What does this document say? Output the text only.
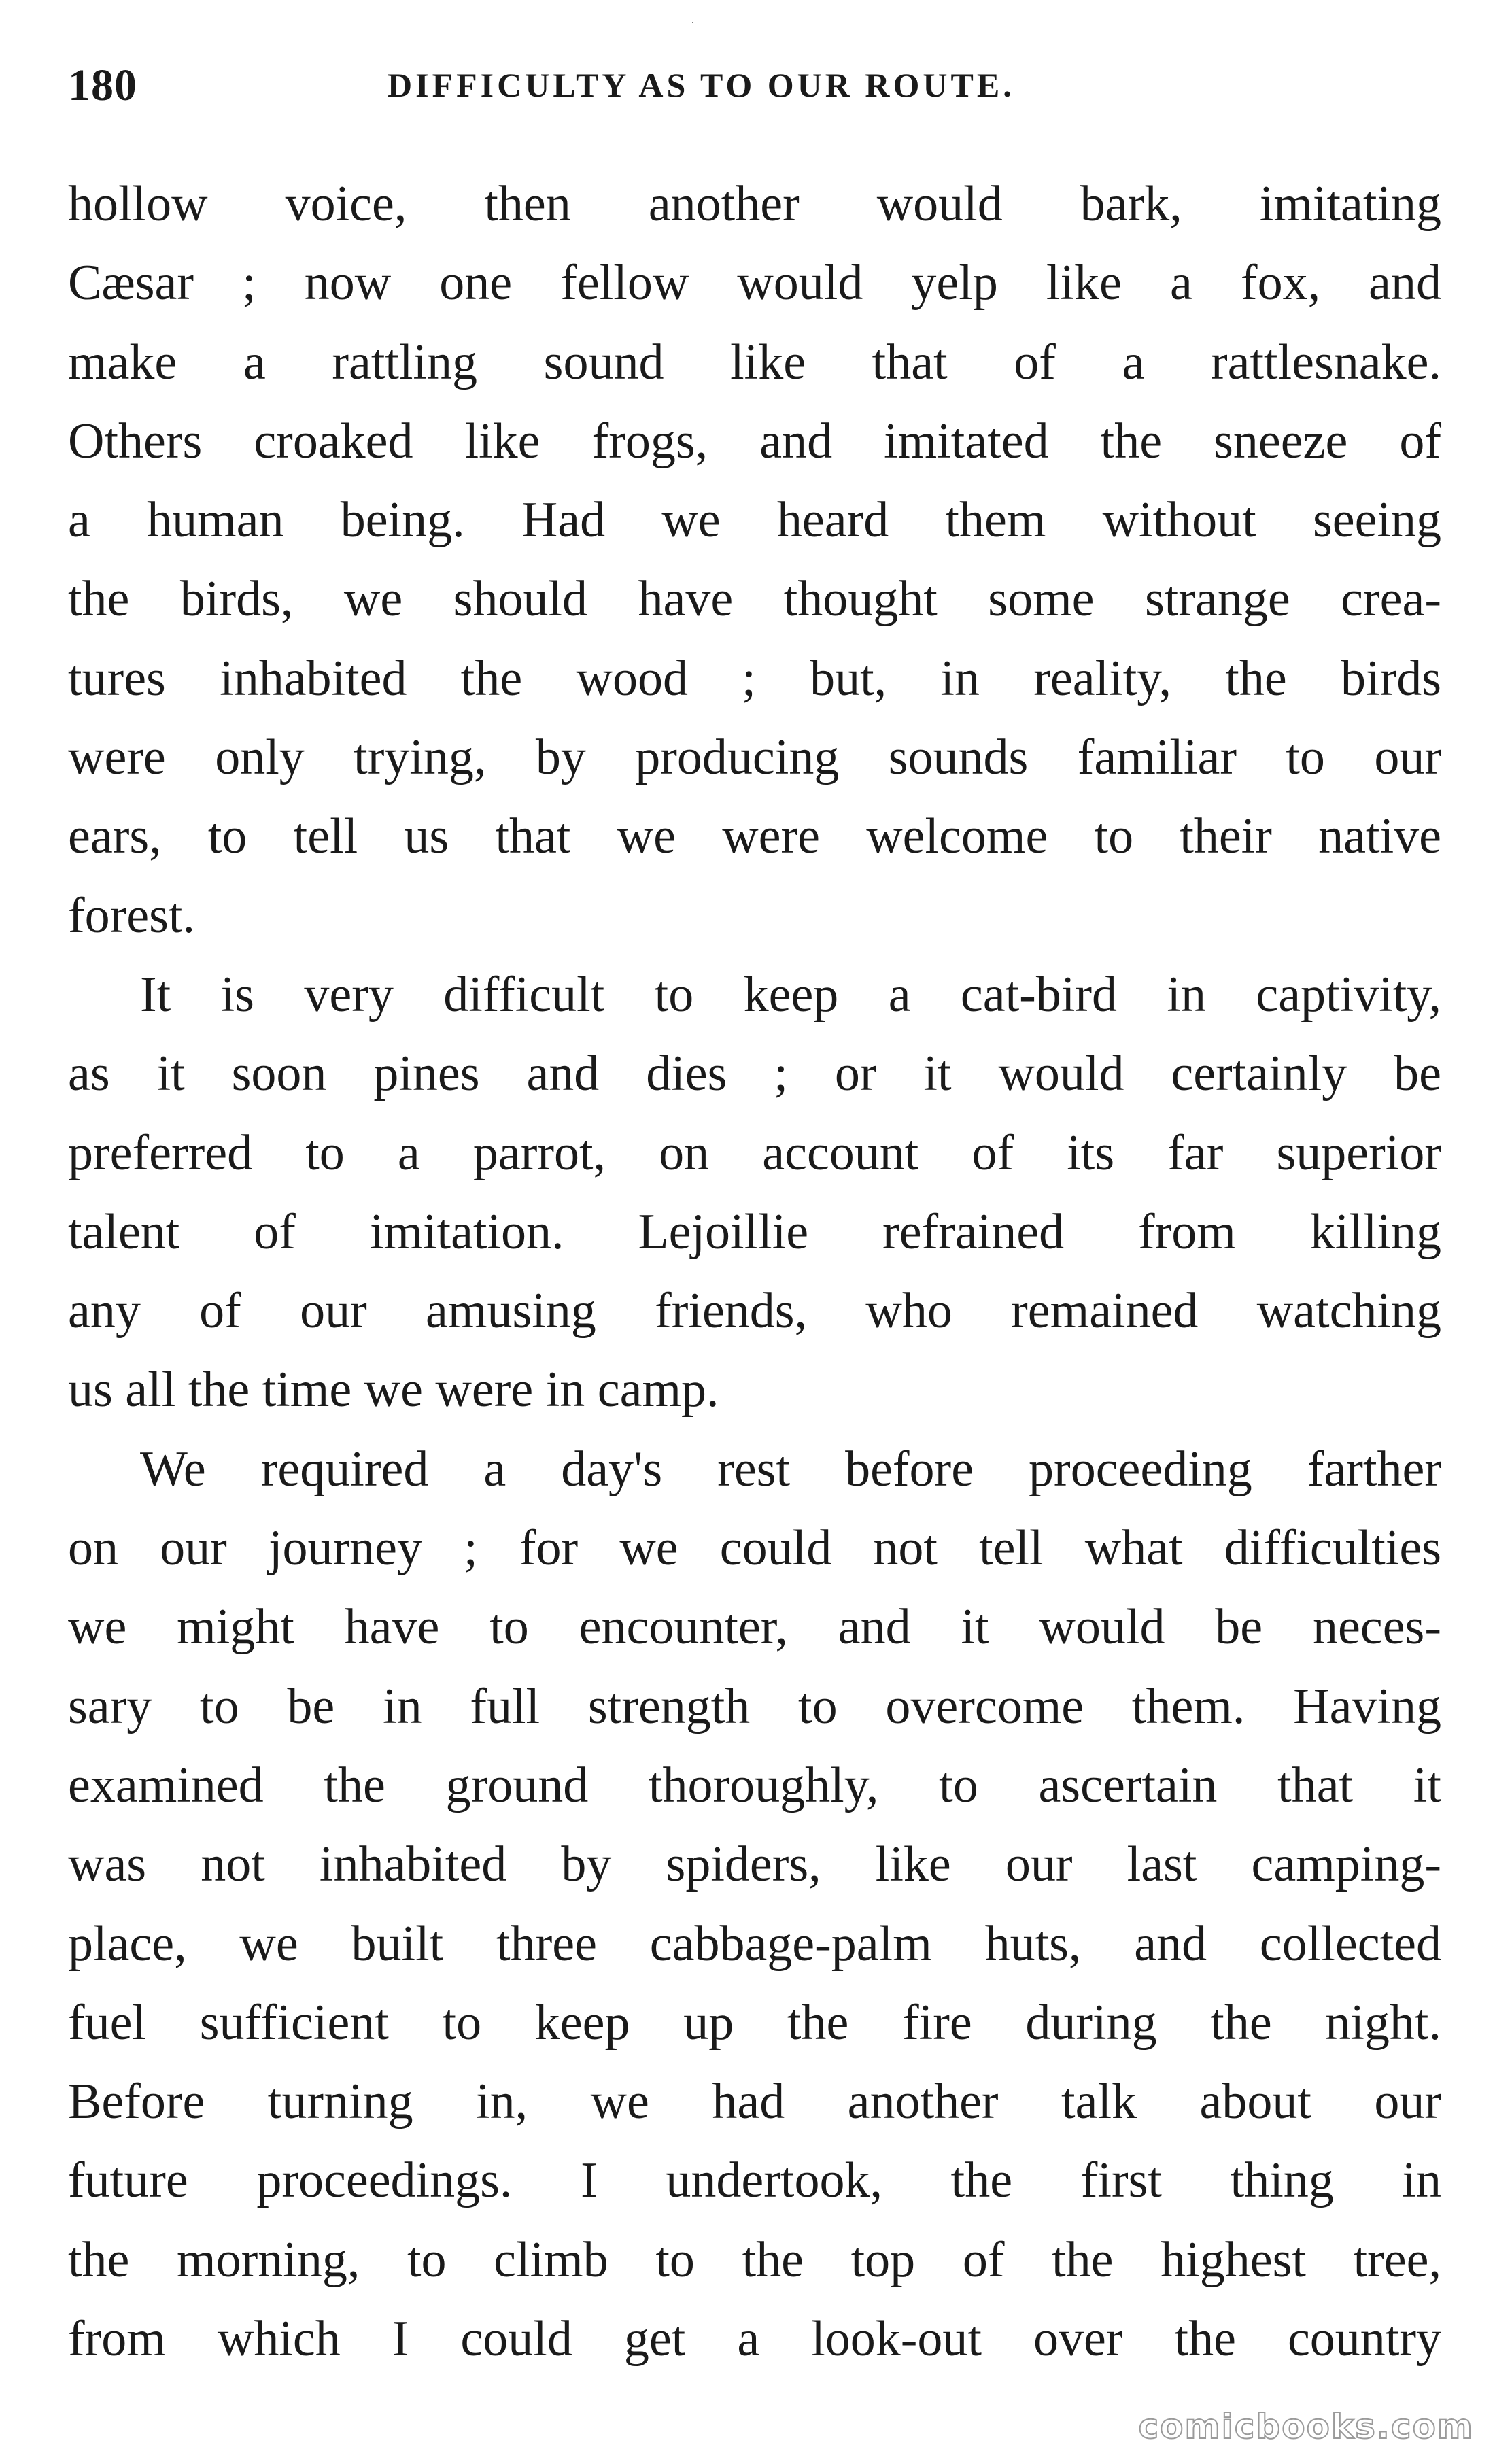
˙
180	DIFFICULTY AS TO OUR ROUTE.
hollow voice, then another would bark, imitating
Cæsar ; now one fellow would yelp like a fox, and
make a rattling sound like that of a rattlesnake.
Others croaked like frogs, and imitated the sneeze of
a human being. Had we heard them without seeing
the birds, we should have thought some strange crea-
tures inhabited the wood ; but, in reality, the birds
were only trying, by producing sounds familiar to our
ears, to tell us that we were welcome to their native
forest.
It is very difficult to keep a cat-bird in captivity,
as it soon pines and dies ; or it would certainly be
preferred to a parrot, on account of its far superior
talent of imitation. Lejoillie refrained from killing
any of our amusing friends, who remained watching
us all the time we were in camp.
We required a day's rest before proceeding farther
on our journey ; for we could not tell what difficulties
we might have to encounter, and it would be neces-
sary to be in full strength to overcome them. Having
examined the ground thoroughly, to ascertain that it
was not inhabited by spiders, like our last camping-
place, we built three cabbage-palm huts, and collected
fuel sufficient to keep up the fire during the night.
Before turning in, we had another talk about our
future proceedings. I undertook, the first thing in
the morning, to climb to the top of the highest tree,
from which I could get a look-out over the country
comicbooks.com
